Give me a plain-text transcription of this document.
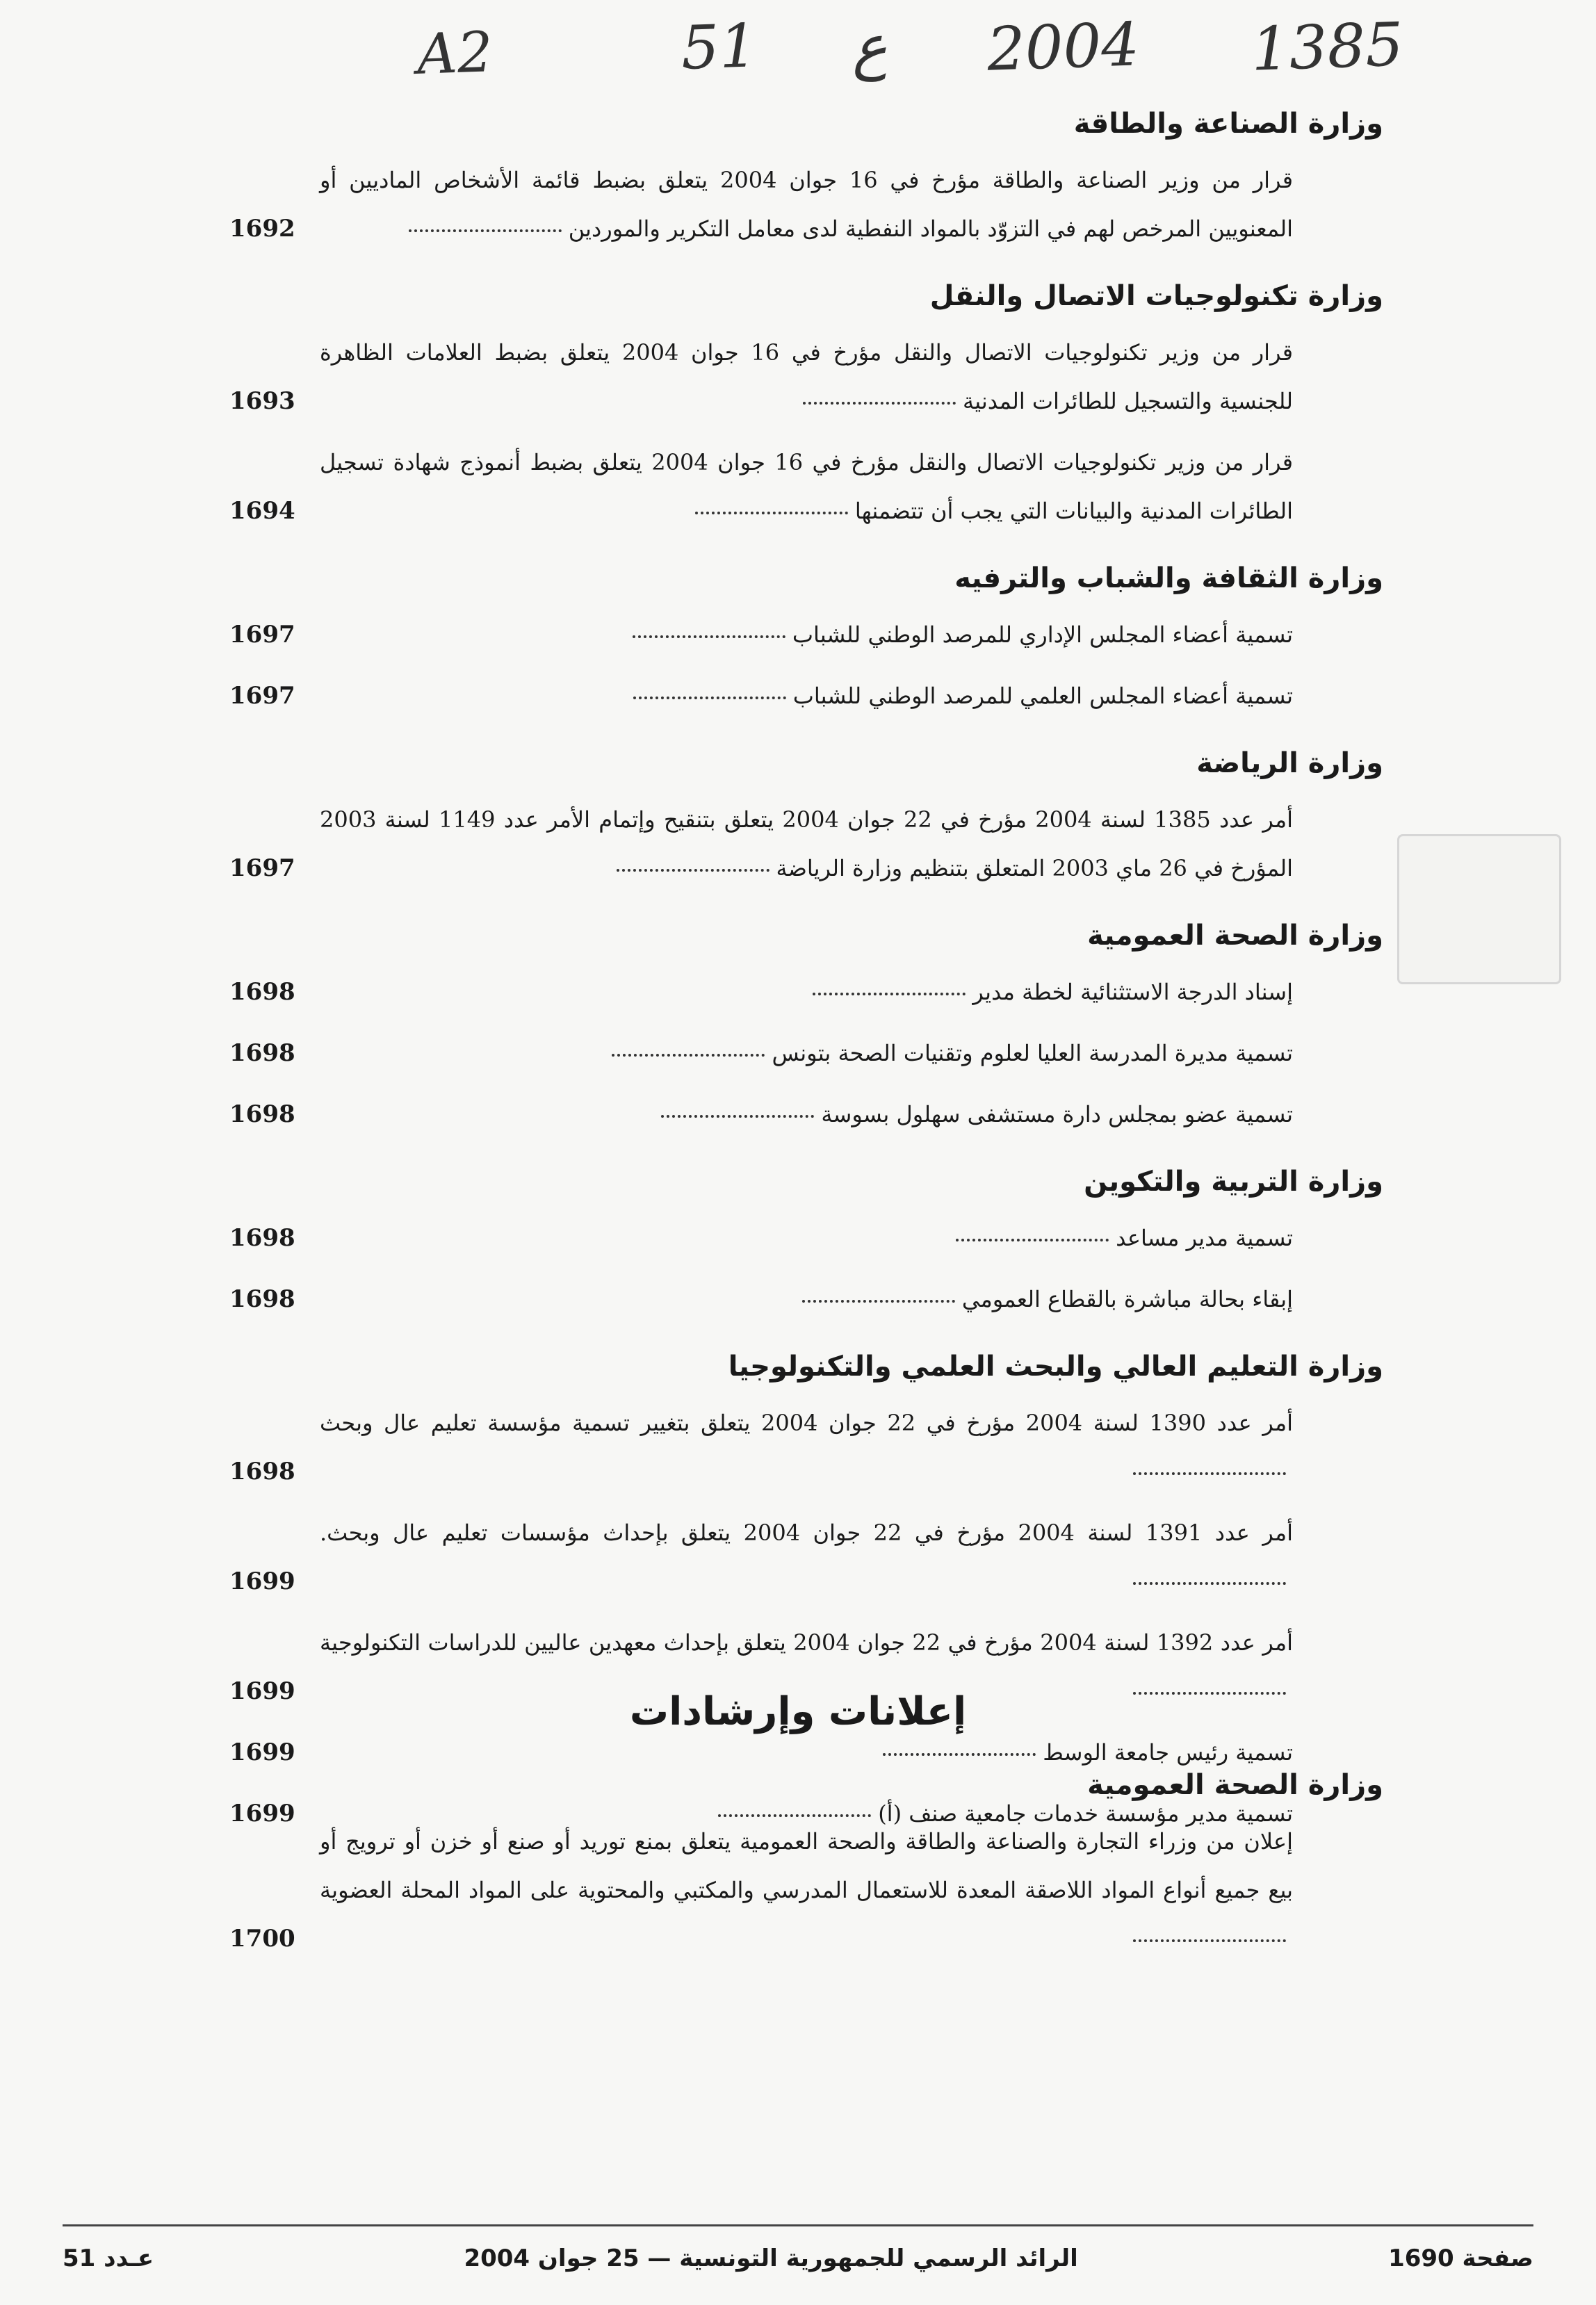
A2	51 ع 2004 1385
وزارة الصناعة والطاقة
قرار من وزير الصناعة والطاقة مؤرخ في 16 جوان 2004 يتعلق بضبط قائمة الأشخاص الماديين أو المعنويين المرخص لهم في التزوّد بالمواد النفطية لدى معامل التكرير والموردين
1692
وزارة تكنولوجيات الاتصال والنقل
قرار من وزير تكنولوجيات الاتصال والنقل مؤرخ في 16 جوان 2004 يتعلق بضبط العلامات الظاهرة للجنسية والتسجيل للطائرات المدنية
1693
قرار من وزير تكنولوجيات الاتصال والنقل مؤرخ في 16 جوان 2004 يتعلق بضبط أنموذج شهادة تسجيل الطائرات المدنية والبيانات التي يجب أن تتضمنها
1694
وزارة الثقافة والشباب والترفيه
تسمية أعضاء المجلس الإداري للمرصد الوطني للشباب
1697
تسمية أعضاء المجلس العلمي للمرصد الوطني للشباب
1697
وزارة الرياضة
أمر عدد 1385 لسنة 2004 مؤرخ في 22 جوان 2004 يتعلق بتنقيح وإتمام الأمر عدد 1149 لسنة 2003 المؤرخ في 26 ماي 2003 المتعلق بتنظيم وزارة الرياضة
1697
وزارة الصحة العمومية
إسناد الدرجة الاستثنائية لخطة مدير
1698
تسمية مديرة المدرسة العليا لعلوم وتقنيات الصحة بتونس
1698
تسمية عضو بمجلس دارة مستشفى سهلول بسوسة
1698
وزارة التربية والتكوين
تسمية مدير مساعد
1698
إبقاء بحالة مباشرة بالقطاع العمومي
1698
وزارة التعليم العالي والبحث العلمي والتكنولوجيا
أمر عدد 1390 لسنة 2004 مؤرخ في 22 جوان 2004 يتعلق بتغيير تسمية مؤسسة تعليم عال وبحث
1698
أمر عدد 1391 لسنة 2004 مؤرخ في 22 جوان 2004 يتعلق بإحداث مؤسسات تعليم عال وبحث.
1699
أمر عدد 1392 لسنة 2004 مؤرخ في 22 جوان 2004 يتعلق بإحداث معهدين عاليين للدراسات التكنولوجية
1699
تسمية رئيس جامعة الوسط
1699
تسمية مدير مؤسسة خدمات جامعية صنف (أ)
1699
إعلانات وإرشادات
وزارة الصحة العمومية
إعلان من وزراء التجارة والصناعة والطاقة والصحة العمومية يتعلق بمنع توريد أو صنع أو خزن أو ترويج أو بيع جميع أنواع المواد اللاصقة المعدة للاستعمال المدرسي والمكتبي والمحتوية على المواد المحلة العضوية
1700
صفحة 1690
الرائد الرسمي للجمهورية التونسية — 25 جوان 2004
عـدد 51
